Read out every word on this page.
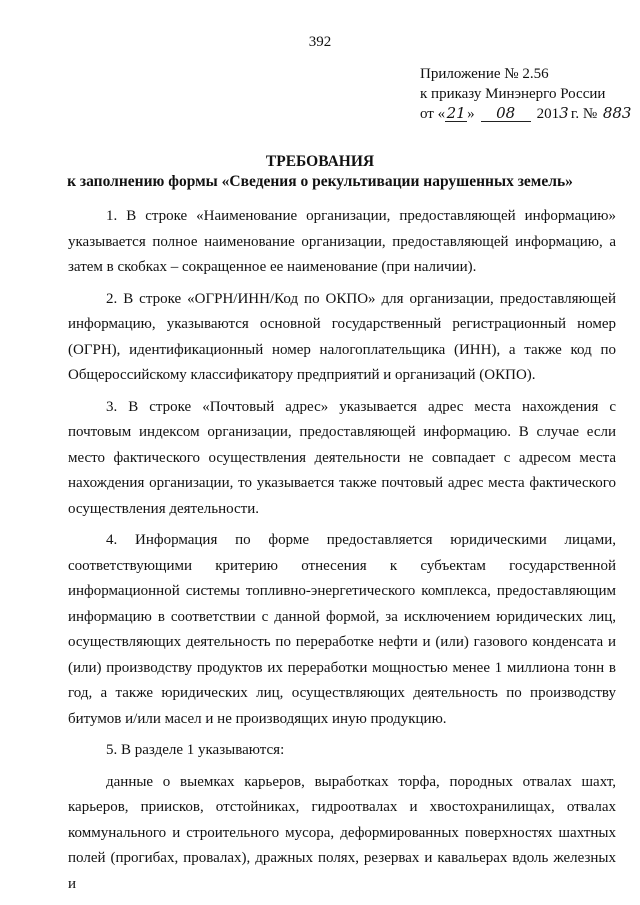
392
Приложение № 2.56
к приказу Минэнерго России
от «21» 08 2013 г. № 883
ТРЕБОВАНИЯ
к заполнению формы «Сведения о рекультивации нарушенных земель»

1. В строке «Наименование организации, предоставляющей информацию» указывается полное наименование организации, предоставляющей информацию, а затем в скобках – сокращенное ее наименование (при наличии).

2. В строке «ОГРН/ИНН/Код по ОКПО» для организации, предоставляющей информацию, указываются основной государственный регистрационный номер (ОГРН), идентификационный номер налогоплательщика (ИНН), а также код по Общероссийскому классификатору предприятий и организаций (ОКПО).

3. В строке «Почтовый адрес» указывается адрес места нахождения с почтовым индексом организации, предоставляющей информацию. В случае если место фактического осуществления деятельности не совпадает с адресом места нахождения организации, то указывается также почтовый адрес места фактического осуществления деятельности.

4. Информация по форме предоставляется юридическими лицами, соответствующими критерию отнесения к субъектам государственной информационной системы топливно-энергетического комплекса, предоставляющим информацию в соответствии с данной формой, за исключением юридических лиц, осуществляющих деятельность по переработке нефти и (или) газового конденсата и (или) производству продуктов их переработки мощностью менее 1 миллиона тонн в год, а также юридических лиц, осуществляющих деятельность по производству битумов и/или масел и не производящих иную продукцию.

5. В разделе 1 указываются:

данные о выемках карьеров, выработках торфа, породных отвалах шахт, карьеров, приисков, отстойниках, гидроотвалах и хвостохранилищах, отвалах коммунального и строительного мусора, деформированных поверхностях шахтных полей (прогибах, провалах), дражных полях, резервах и кавальерах вдоль железных и
